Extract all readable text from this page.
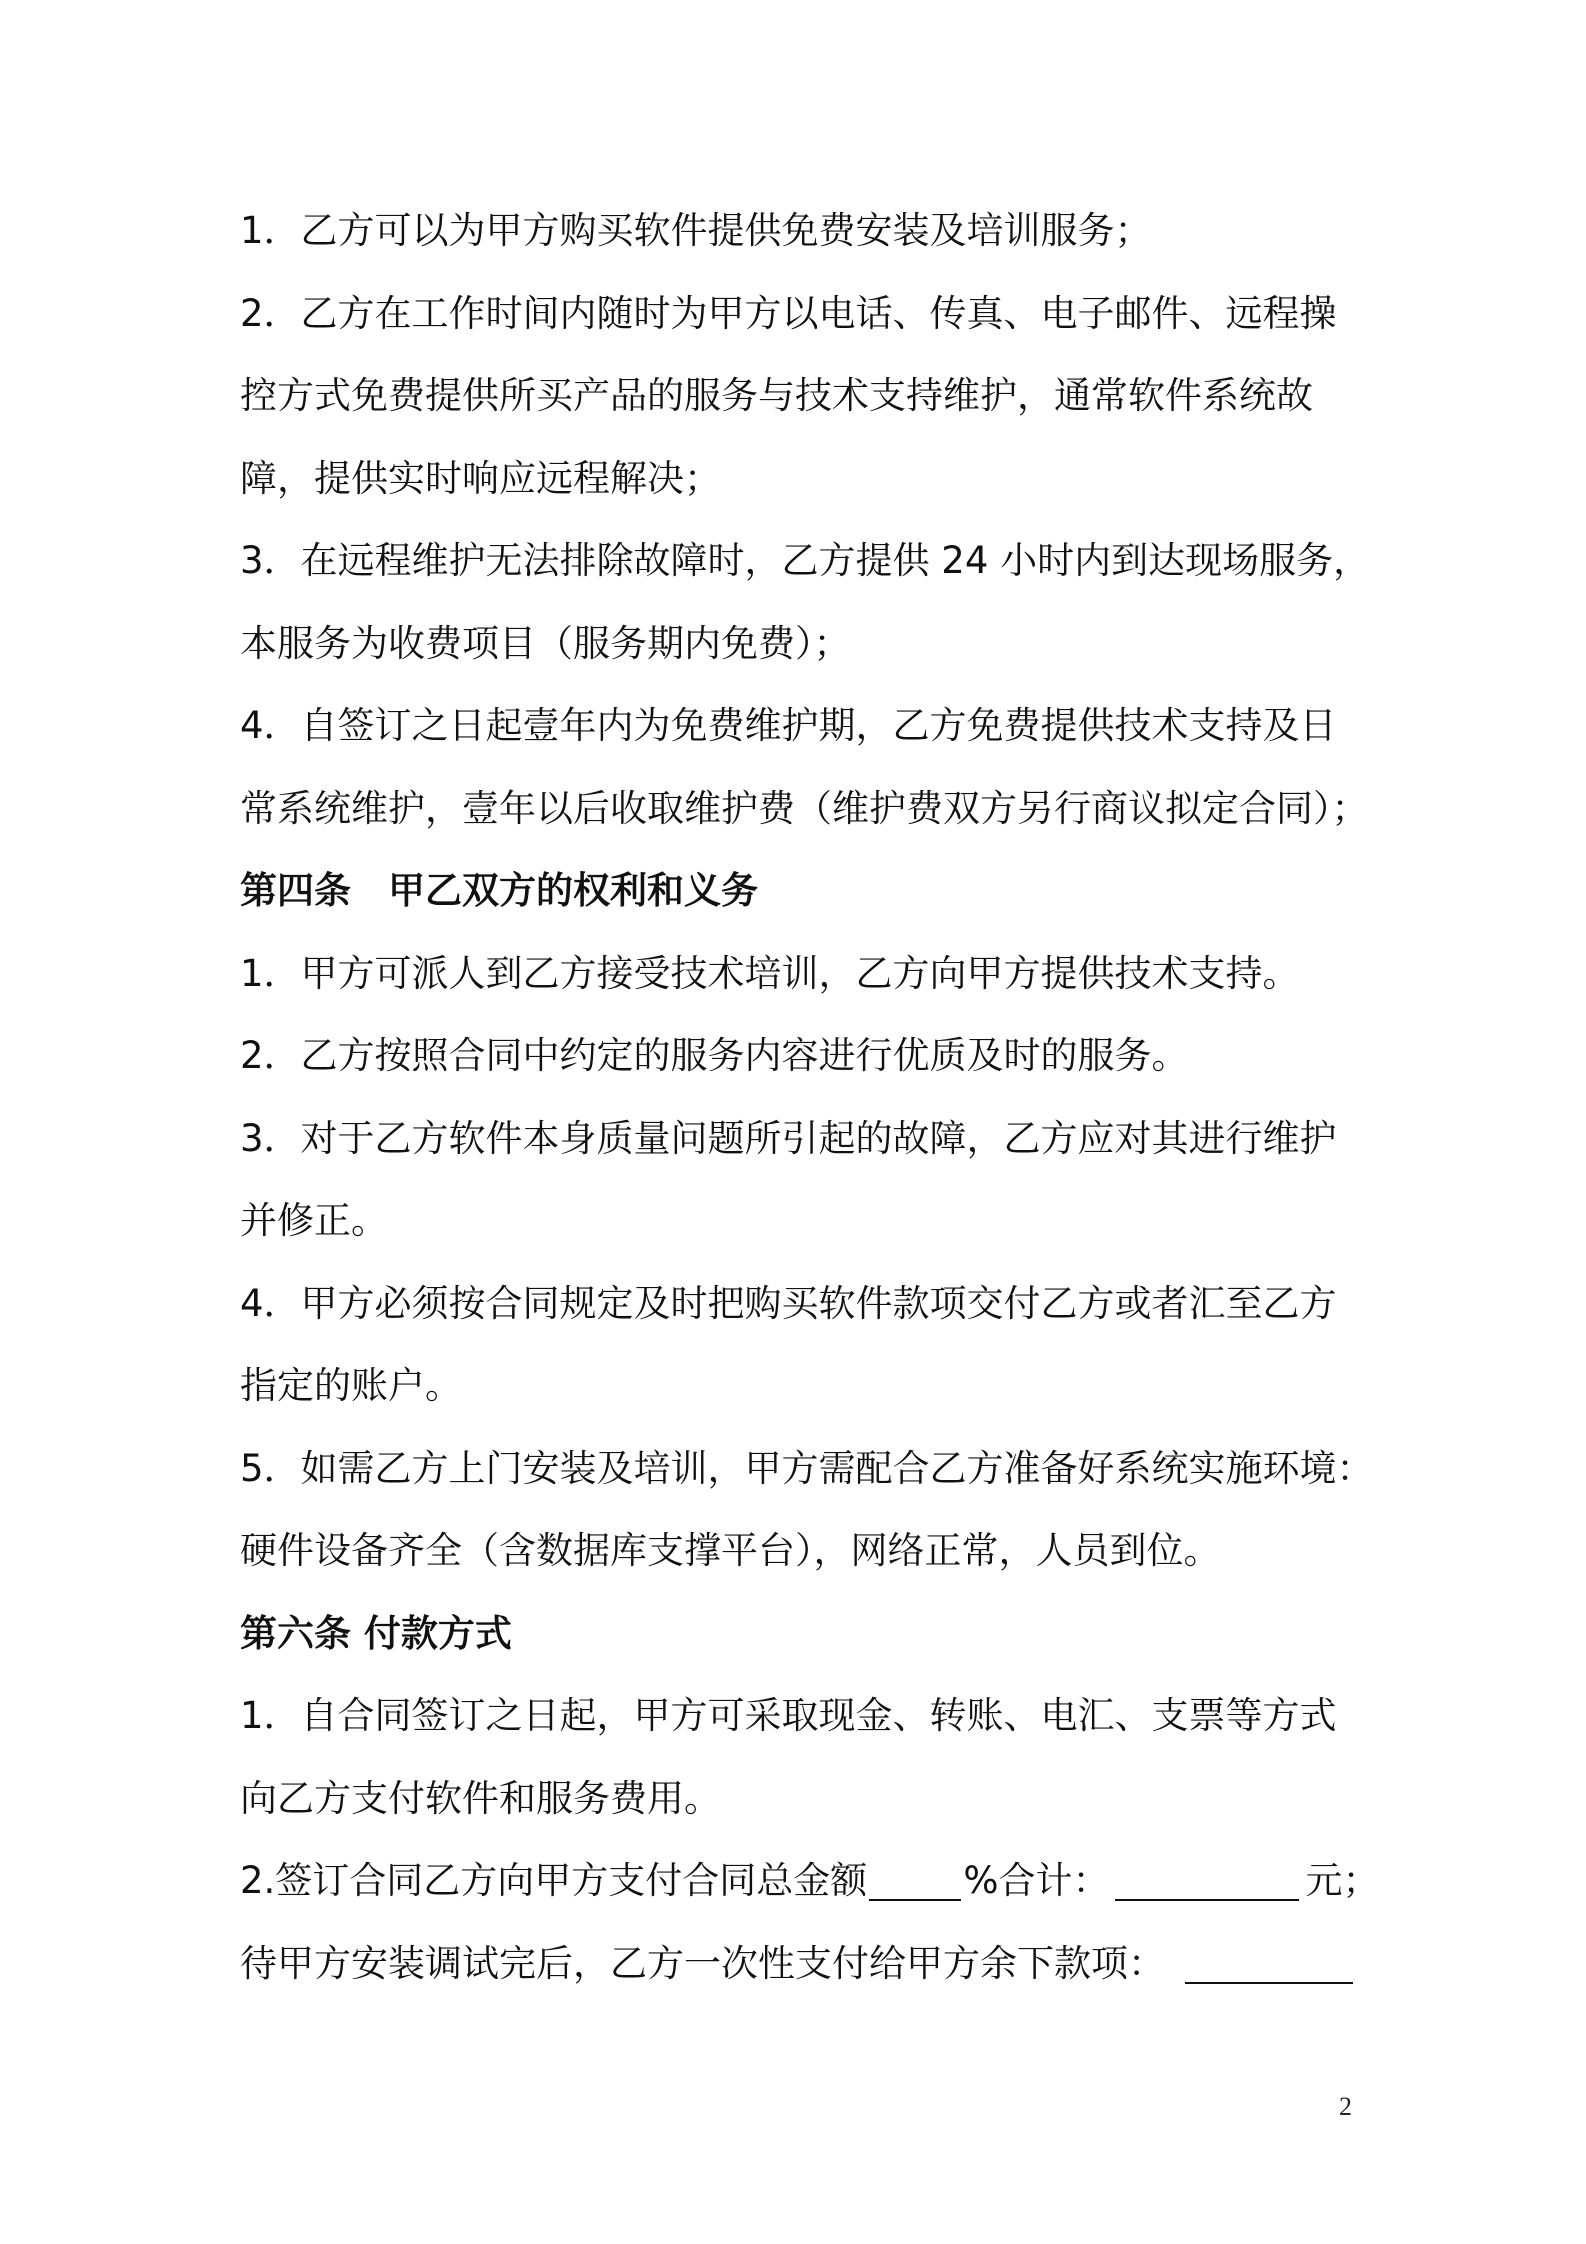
1．乙方可以为甲方购买软件提供免费安装及培训服务；
2．乙方在工作时间内随时为甲方以电话、传真、电子邮件、远程操
控方式免费提供所买产品的服务与技术支持维护，通常软件系统故
障，提供实时响应远程解决；
3．在远程维护无法排除故障时，乙方提供 24 小时内到达现场服务，
本服务为收费项目（服务期内免费）；
4．自签订之日起壹年内为免费维护期，乙方免费提供技术支持及日
常系统维护，壹年以后收取维护费（维护费双方另行商议拟定合同）；
第四条　甲乙双方的权利和义务
1．甲方可派人到乙方接受技术培训，乙方向甲方提供技术支持。
2．乙方按照合同中约定的服务内容进行优质及时的服务。
3．对于乙方软件本身质量问题所引起的故障，乙方应对其进行维护
并修正。
4．甲方必须按合同规定及时把购买软件款项交付乙方或者汇至乙方
指定的账户。
5．如需乙方上门安装及培训，甲方需配合乙方准备好系统实施环境：
硬件设备齐全（含数据库支撑平台），网络正常，人员到位。
第六条 付款方式
1．自合同签订之日起，甲方可采取现金、转账、电汇、支票等方式
向乙方支付软件和服务费用。
2.签订合同乙方向甲方支付合同总金额	%合计：	元；
待甲方安装调试完后，乙方一次性支付给甲方余下款项：
2
